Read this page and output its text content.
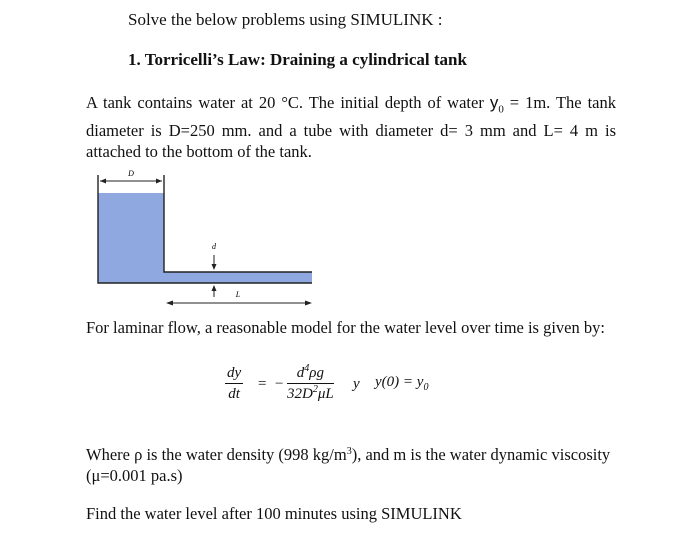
Solve the below problems using SIMULINK :
1. Torricelli’s Law: Draining a cylindrical tank
A tank contains water at 20 °C. The initial depth of water $y_0 = 1m$. The tank diameter is D=250 mm. and a tube with diameter d= 3 mm and L= 4 m is attached to the bottom of the tank.
D
d
L
For laminar flow, a reasonable model for the water level over time is given by:
$\frac{dy}{dt}$ = − $\frac{d^4\rho g}{32D^2\mu L}$ y $y(0) = y_0$
Where ρ is the water density (998 $kg/m^3$), and m is the water dynamic viscosity (μ=0.001 pa.s)
Find the water level after 100 minutes using SIMULINK
